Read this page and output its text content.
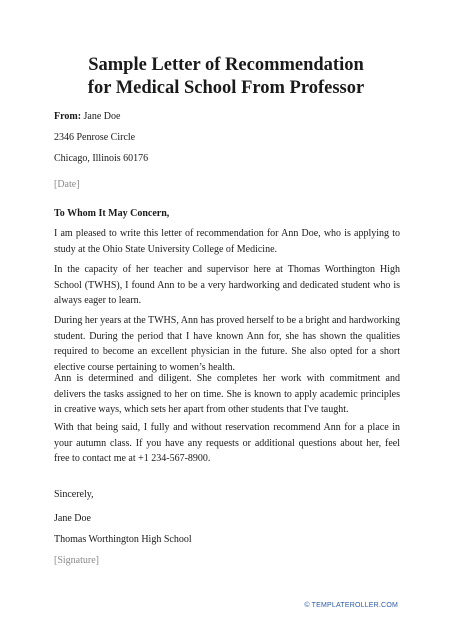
Sample Letter of Recommendation
for Medical School From Professor
From: Jane Doe
2346 Penrose Circle
Chicago, Illinois 60176
[Date]
To Whom It May Concern,
I am pleased to write this letter of recommendation for Ann Doe, who is applying to study at the Ohio State University College of Medicine.
In the capacity of her teacher and supervisor here at Thomas Worthington High School (TWHS), I found Ann to be a very hardworking and dedicated student who is always eager to learn.
During her years at the TWHS, Ann has proved herself to be a bright and hardworking student. During the period that I have known Ann for, she has shown the qualities required to become an excellent physician in the future. She also opted for a short elective course pertaining to women’s health.
Ann is determined and diligent. She completes her work with commitment and delivers the tasks assigned to her on time. She is known to apply academic principles in creative ways, which sets her apart from other students that I've taught.
With that being said, I fully and without reservation recommend Ann for a place in your autumn class. If you have any requests or additional questions about her, feel free to contact me at +1 234-567-8900.
Sincerely,
Jane Doe
Thomas Worthington High School
[Signature]
© TEMPLATEROLLER.COM
